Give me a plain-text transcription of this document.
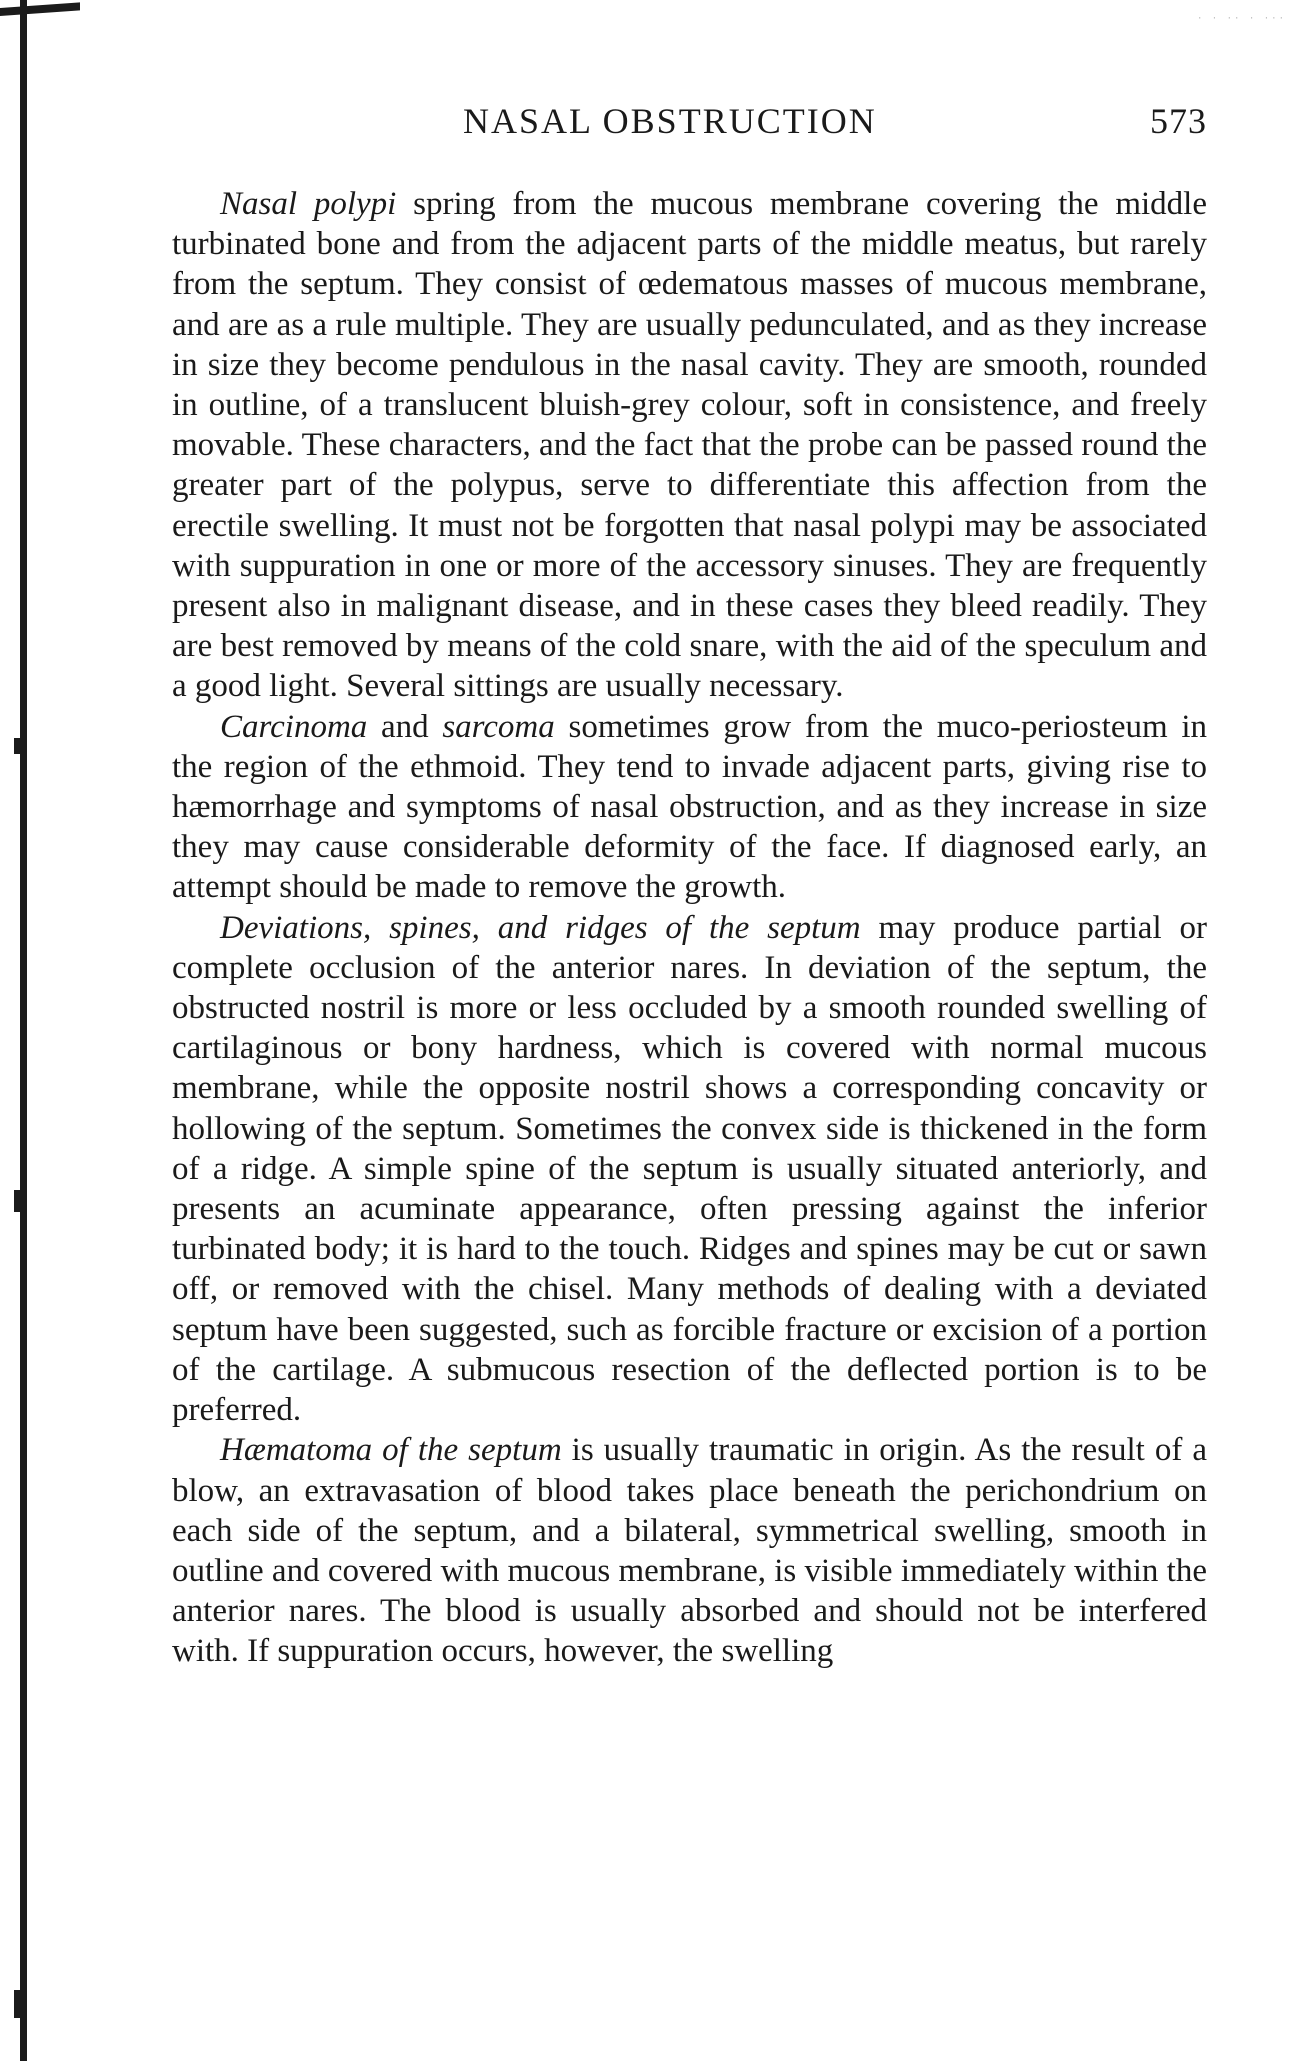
· · ·· · ···
NASAL OBSTRUCTION	573

Nasal polypi spring from the mucous membrane covering the middle turbinated bone and from the adjacent parts of the middle meatus, but rarely from the septum. They consist of œdematous masses of mucous membrane, and are as a rule multiple. They are usually pedunculated, and as they increase in size they become pendulous in the nasal cavity. They are smooth, rounded in outline, of a translucent bluish-grey colour, soft in consistence, and freely movable. These characters, and the fact that the probe can be passed round the greater part of the polypus, serve to differentiate this affection from the erectile swelling. It must not be forgotten that nasal polypi may be associated with suppuration in one or more of the accessory sinuses. They are frequently present also in malignant disease, and in these cases they bleed readily. They are best removed by means of the cold snare, with the aid of the speculum and a good light. Several sittings are usually necessary.

Carcinoma and sarcoma sometimes grow from the muco-periosteum in the region of the ethmoid. They tend to invade adjacent parts, giving rise to hæmorrhage and symptoms of nasal obstruction, and as they increase in size they may cause considerable deformity of the face. If diagnosed early, an attempt should be made to remove the growth.

Deviations, spines, and ridges of the septum may produce partial or complete occlusion of the anterior nares. In deviation of the septum, the obstructed nostril is more or less occluded by a smooth rounded swelling of cartilaginous or bony hardness, which is covered with normal mucous membrane, while the opposite nostril shows a corresponding concavity or hollowing of the septum. Sometimes the convex side is thickened in the form of a ridge. A simple spine of the septum is usually situated anteriorly, and presents an acuminate appearance, often pressing against the inferior turbinated body; it is hard to the touch. Ridges and spines may be cut or sawn off, or removed with the chisel. Many methods of dealing with a deviated septum have been suggested, such as forcible fracture or excision of a portion of the cartilage. A submucous resection of the deflected portion is to be preferred.

Hæmatoma of the septum is usually traumatic in origin. As the result of a blow, an extravasation of blood takes place beneath the perichondrium on each side of the septum, and a bilateral, symmetrical swelling, smooth in outline and covered with mucous membrane, is visible immediately within the anterior nares. The blood is usually absorbed and should not be interfered with. If suppuration occurs, however, the swelling
